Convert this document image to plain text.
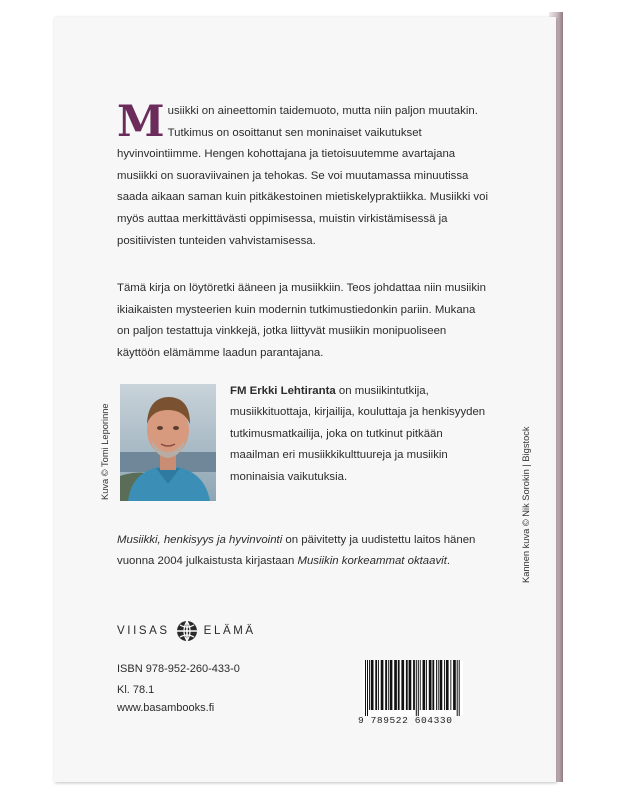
Musiikki on aineettomin taidemuoto, mutta niin paljon muutakin. Tutkimus on osoittanut sen moninaiset vaikutukset hyvinvointiimme. Hengen kohottajana ja tietoisuutemme avartajana musiikki on suoraviivainen ja tehokas. Se voi muutamassa minuutissa saada aikaan saman kuin pitkäkestoinen mietiskelypraktiikka. Musiikki voi myös auttaa merkittävästi oppimisessa, muistin virkistämisessä ja positiivisten tunteiden vahvistamisessa.
Tämä kirja on löytöretki ääneen ja musiikkiin. Teos johdattaa niin musiikin ikiaikaisten mysteerien kuin modernin tutkimustiedonkin pariin. Mukana on paljon testattuja vinkkejä, jotka liittyvät musiikin monipuoliseen käyttöön elämämme laadun parantajana.
Kuva © Tomi Leporinne
FM Erkki Lehtiranta on musiikintutkija, musiikkituottaja, kirjailija, kouluttaja ja henkisyyden tutkimusmatkailija, joka on tutkinut pitkään maailman eri musiikkikulttuureja ja musiikin moninaisia vaikutuksia.
Musiikki, henkisyys ja hyvinvointi on päivitetty ja uudistettu laitos hänen vuonna 2004 julkaistusta kirjastaan Musiikin korkeammat oktaavit.	Kannen kuva © Nik Sorokin | Bigstock
VIISAS	ELÄMÄ
ISBN 978-952-260-433-0
Kl. 78.1
www.basambooks.fi
9 789522 604330
